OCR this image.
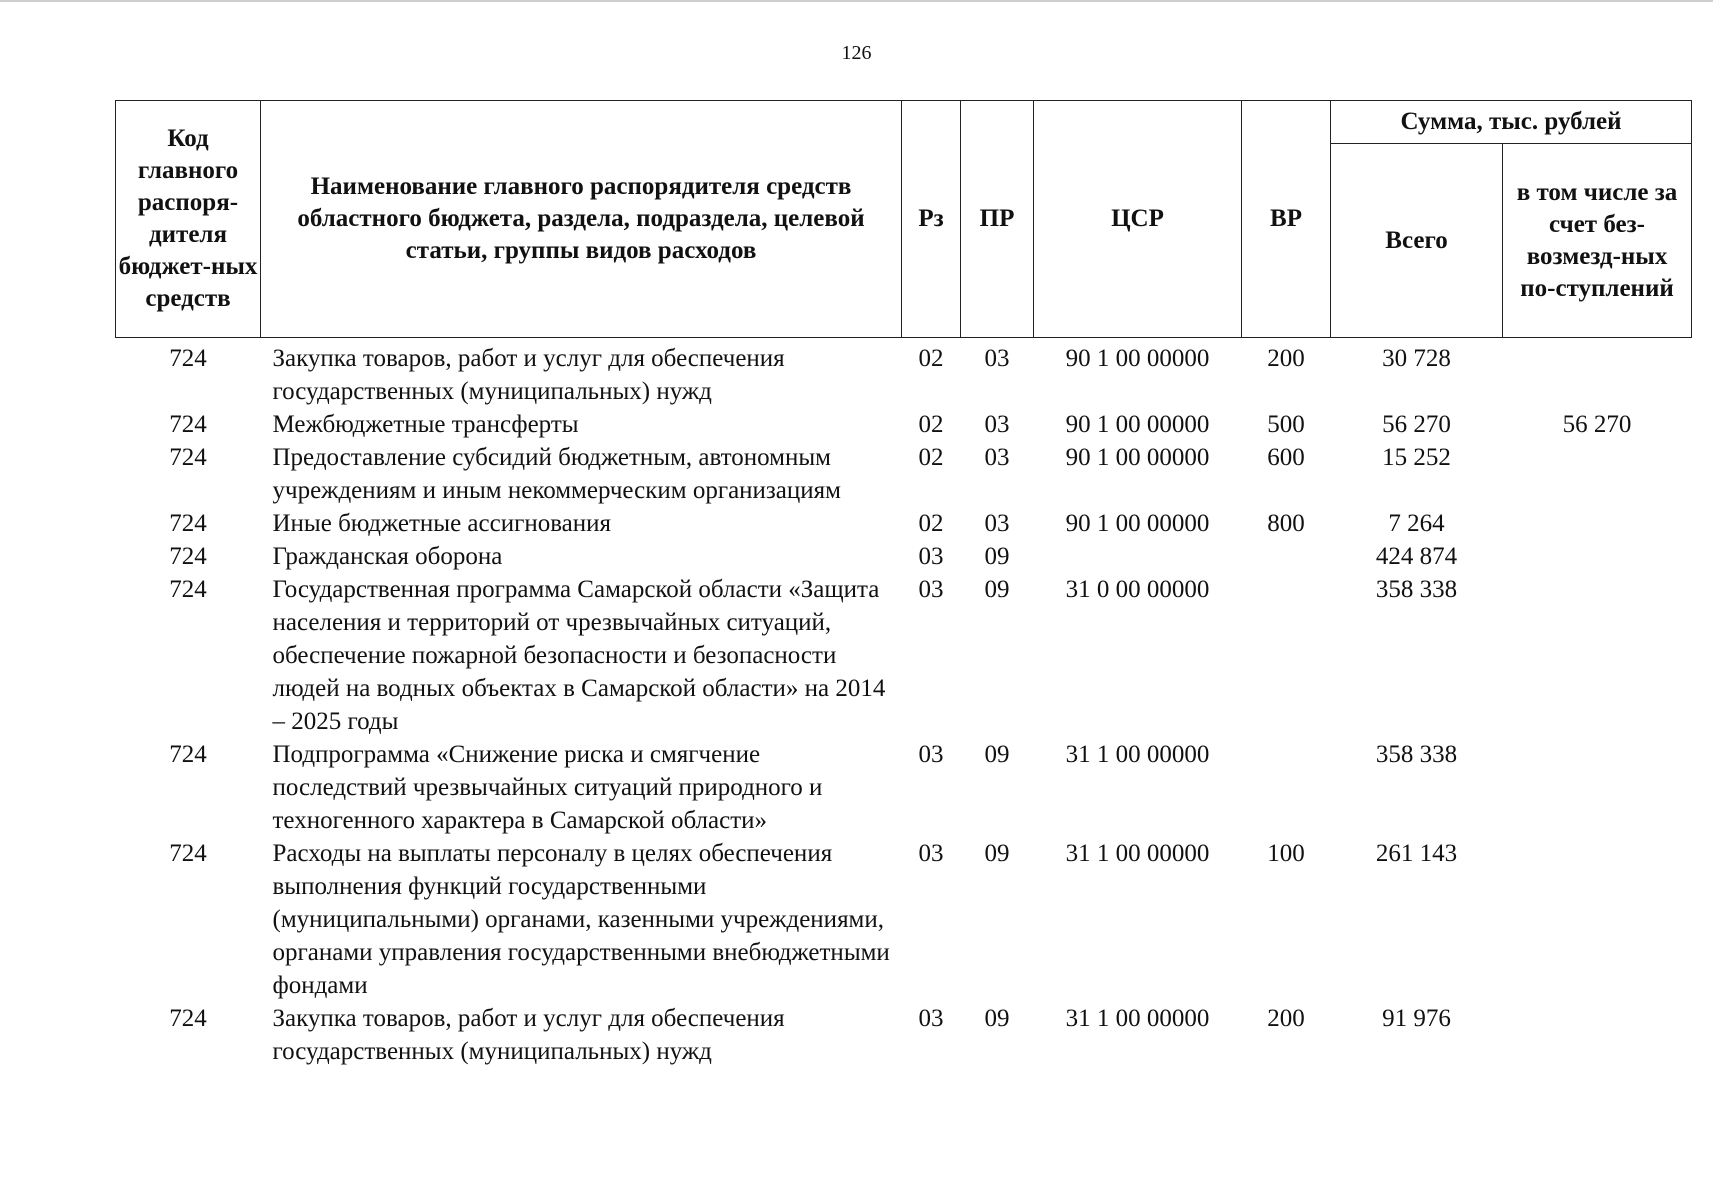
126
Код главного распоря-дителя бюджет-ных средств	Наименование главного распорядителя средств областного бюджета, раздела, подраздела, целевой статьи, группы видов расходов	Рз	ПР	ЦСР	ВР	Сумма, тыс. рублей	
						Всего	в том числе за счет без-возмезд-ных по-ступлений
724	Закупка товаров, работ и услуг для обеспечения государственных (муниципальных) нужд	02	03	90 1 00 00000	200	30 728	
724	Межбюджетные трансферты	02	03	90 1 00 00000	500	56 270	56 270
724	Предоставление субсидий бюджетным, автономным учреждениям и иным некоммерческим организациям	02	03	90 1 00 00000	600	15 252	
724	Иные бюджетные ассигнования	02	03	90 1 00 00000	800	7 264	
724	Гражданская оборона	03	09			424 874	
724	Государственная программа Самарской области «Защита населения и территорий от чрезвычайных ситуаций, обеспечение пожарной безопасности и безопасности людей на водных объектах в Самарской области» на 2014 – 2025 годы	03	09	31 0 00 00000		358 338	
724	Подпрограмма «Снижение риска и смягчение последствий чрезвычайных ситуаций природного и техногенного характера в Самарской области»	03	09	31 1 00 00000		358 338	
724	Расходы на выплаты персоналу в целях обеспечения выполнения функций государственными (муниципальными) органами, казенными учреждениями, органами управления государственными внебюджетными фондами	03	09	31 1 00 00000	100	261 143	
724	Закупка товаров, работ и услуг для обеспечения государственных (муниципальных) нужд	03	09	31 1 00 00000	200	91 976	
